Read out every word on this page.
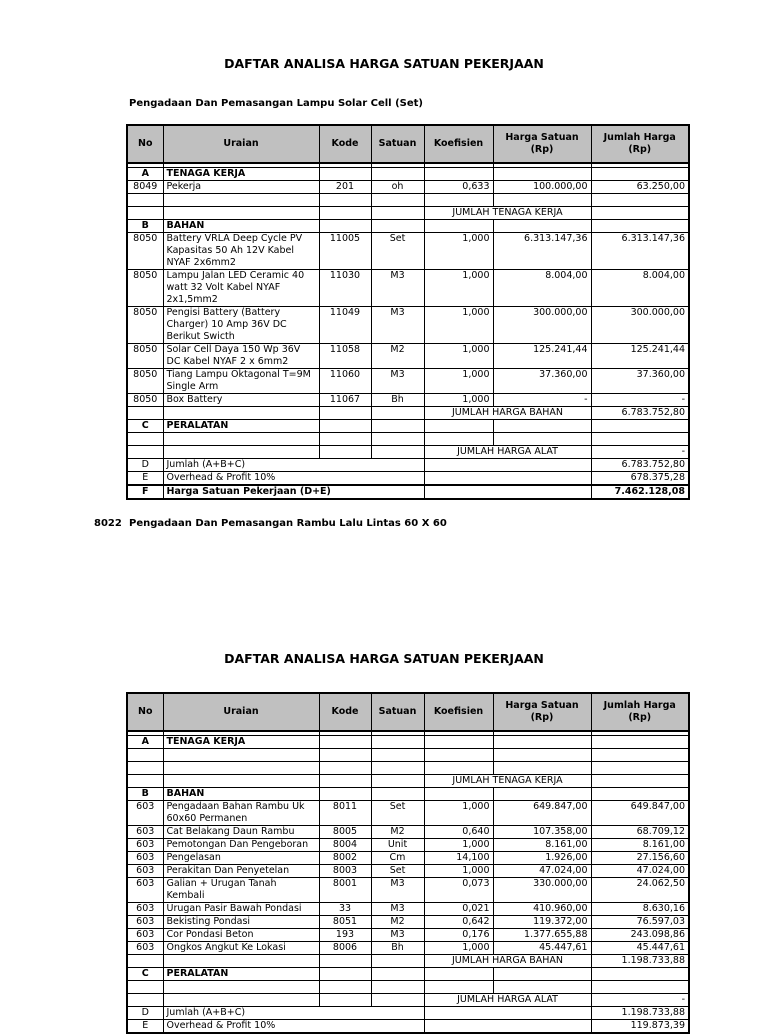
DAFTAR ANALISA HARGA SATUAN PEKERJAAN
Pengadaan Dan Pemasangan Lampu Solar Cell (Set)
No	Uraian	Kode	Satuan	Koefisien	Harga Satuan (Rp)	Jumlah Harga (Rp)

A	TENAGA KERJA					
8049	Pekerja	201	oh	0,633	100.000,00	63.250,00

				JUMLAH TENAGA KERJA		
B	BAHAN					
8050	Battery VRLA Deep Cycle PV Kapasitas 50 Ah 12V Kabel NYAF 2x6mm2	11005	Set	1,000	6.313.147,36	6.313.147,36
8050	Lampu Jalan LED Ceramic 40 watt 32 Volt Kabel NYAF 2x1,5mm2	11030	M3	1,000	8.004,00	8.004,00
8050	Pengisi Battery (Battery Charger) 10 Amp 36V DC Berikut Swicth	11049	M3	1,000	300.000,00	300.000,00
8050	Solar Cell Daya 150 Wp 36V DC Kabel NYAF 2 x 6mm2	11058	M2	1,000	125.241,44	125.241,44
8050	Tiang Lampu Oktagonal T=9M Single Arm	11060	M3	1,000	37.360,00	37.360,00
8050	Box Battery	11067	Bh	1,000	-	-
				JUMLAH HARGA BAHAN		6.783.752,80
C	PERALATAN					

				JUMLAH HARGA ALAT		-
D	Jumlah (A+B+C)					6.783.752,80
E	Overhead & Profit 10%					678.375,28
F	Harga Satuan Pekerjaan (D+E)					7.462.128,08
8022 Pengadaan Dan Pemasangan Rambu Lalu Lintas 60 X 60
DAFTAR ANALISA HARGA SATUAN PEKERJAAN
No	Uraian	Kode	Satuan	Koefisien	Harga Satuan (Rp)	Jumlah Harga (Rp)

A	TENAGA KERJA					

				JUMLAH TENAGA KERJA		
B	BAHAN					
603	Pengadaan Bahan Rambu Uk 60x60 Permanen	8011	Set	1,000	649.847,00	649.847,00
603	Cat Belakang Daun Rambu	8005	M2	0,640	107.358,00	68.709,12
603	Pemotongan Dan Pengeboran	8004	Unit	1,000	8.161,00	8.161,00
603	Pengelasan	8002	Cm	14,100	1.926,00	27.156,60
603	Perakitan Dan Penyetelan	8003	Set	1,000	47.024,00	47.024,00
603	Galian + Urugan Tanah Kembali	8001	M3	0,073	330.000,00	24.062,50
603	Urugan Pasir Bawah Pondasi	33	M3	0,021	410.960,00	8.630,16
603	Bekisting Pondasi	8051	M2	0,642	119.372,00	76.597,03
603	Cor Pondasi Beton	193	M3	0,176	1.377.655,88	243.098,86
603	Ongkos Angkut Ke Lokasi	8006	Bh	1,000	45.447,61	45.447,61
				JUMLAH HARGA BAHAN		1.198.733,88
C	PERALATAN					

				JUMLAH HARGA ALAT		-
D	Jumlah (A+B+C)					1.198.733,88
E	Overhead & Profit 10%					119.873,39
